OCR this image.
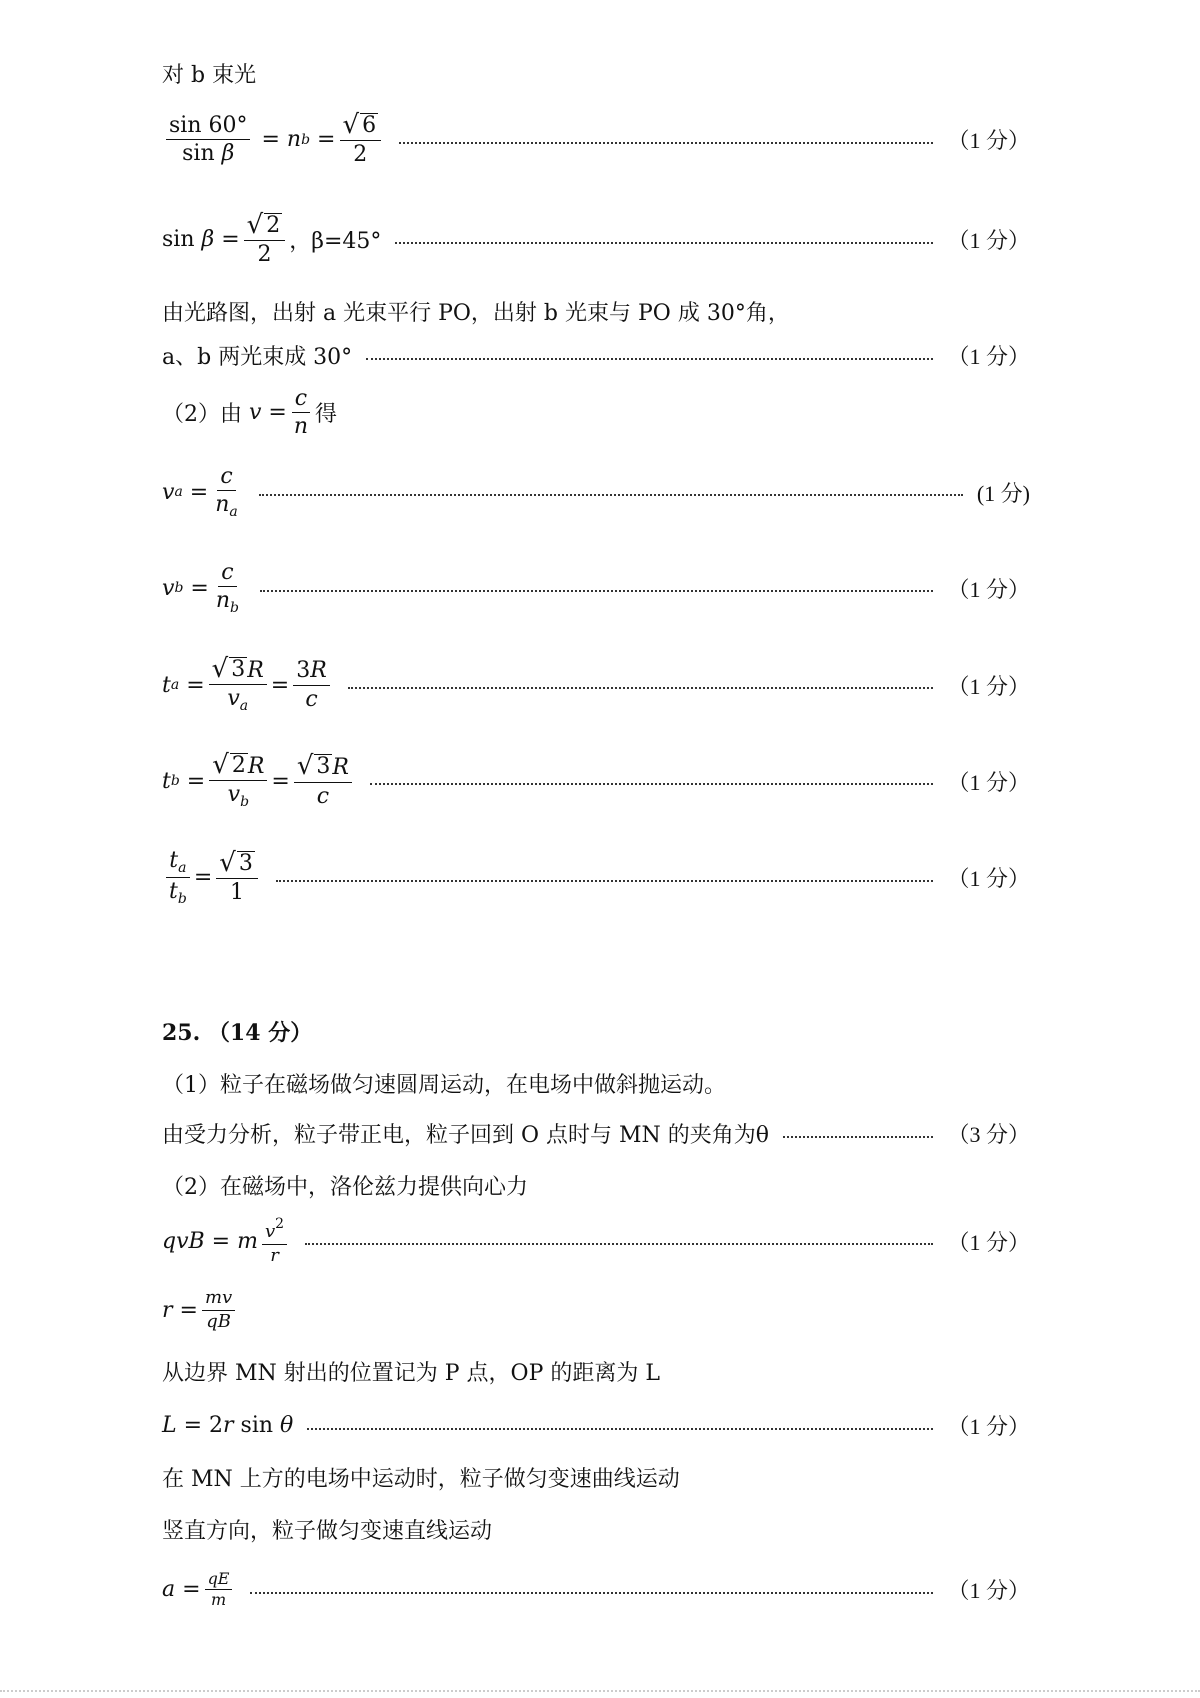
对 b 束光
$\frac{\sin 60^\circ}{\text{sin β}} = n$ $b = \frac{√ 6}{2}$	（1 分）
$\sin \beta = \frac{√ 2}{2}$ ，β=45°	（1 分）
由光路图，出射 a 光束平行 PO，出射 b 光束与 PO 成 30°角，
a、b 两光束成 30°	（1 分）
（2）由
$v = \frac{c}{n}$ 得
v $a = \frac{c}{n_a}$	(1 分)
v $b = \frac{c}{n_b}$	（1 分）
t $a = \frac{√ 3 R}{v_a} = \frac{3R}{c}$	（1 分）
t $b = \frac{√ 2 R}{v_b} = \frac{√ 3 R}{c}$	（1 分）
$\frac{t_a}{t_b} = \frac{√ 3}{1}$	（1 分）
25. （14 分）
（1）粒子在磁场做匀速圆周运动，在电场中做斜抛运动。
由受力分析，粒子带正电，粒子回到 O 点时与 MN 的夹角为θ	（3 分）
（2）在磁场中，洛伦兹力提供向心力
qvB = m $\frac{v^2}{r}$	（1 分）
$r = \frac{mv}{qB}$
从边界 MN 射出的位置记为 P 点，OP 的距离为 L
L = 2 r sin θ	（1 分）
在 MN 上方的电场中运动时，粒子做匀变速曲线运动
竖直方向，粒子做匀变速直线运动
$a = \frac{qE}{m}$	（1 分）
